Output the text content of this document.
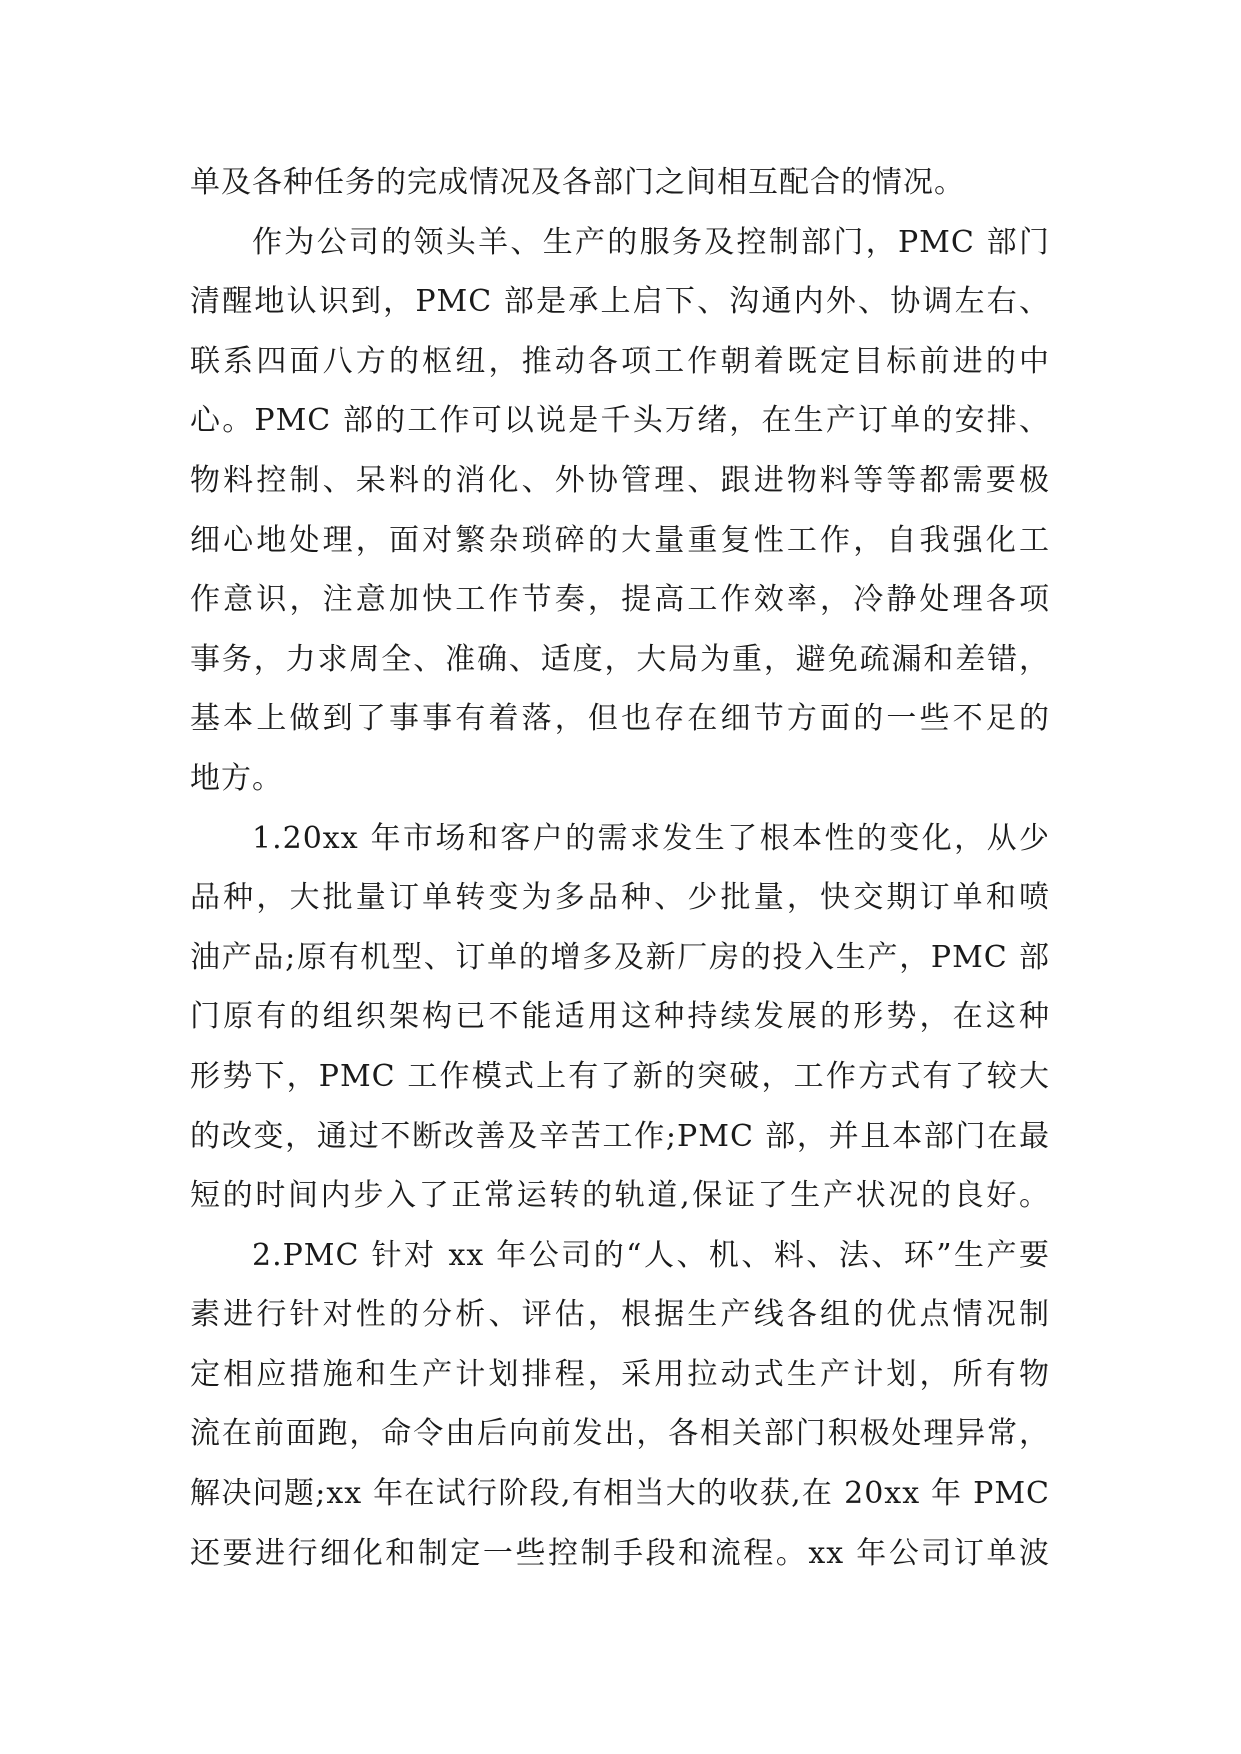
单及各种任务的完成情况及各部门之间相互配合的情况。
作为公司的领头羊、生产的服务及控制部门，PMC 部门
清醒地认识到，PMC 部是承上启下、沟通内外、协调左右、
联系四面八方的枢纽，推动各项工作朝着既定目标前进的中
心。PMC 部的工作可以说是千头万绪，在生产订单的安排、
物料控制、呆料的消化、外协管理、跟进物料等等都需要极
细心地处理，面对繁杂琐碎的大量重复性工作，自我强化工
作意识，注意加快工作节奏，提高工作效率，冷静处理各项
事务，力求周全、准确、适度，大局为重，避免疏漏和差错，
基本上做到了事事有着落，但也存在细节方面的一些不足的
地方。
1.20xx 年市场和客户的需求发生了根本性的变化，从少
品种，大批量订单转变为多品种、少批量，快交期订单和喷
油产品;原有机型、订单的增多及新厂房的投入生产，PMC 部
门原有的组织架构已不能适用这种持续发展的形势，在这种
形势下，PMC 工作模式上有了新的突破，工作方式有了较大
的改变，通过不断改善及辛苦工作;PMC 部，并且本部门在最
短的时间内步入了正常运转的轨道,保证了生产状况的良好。
2.PMC 针对 xx 年公司的“人、机、料、法、环”生产要
素进行针对性的分析、评估，根据生产线各组的优点情况制
定相应措施和生产计划排程，采用拉动式生产计划，所有物
流在前面跑，命令由后向前发出，各相关部门积极处理异常，
解决问题;xx 年在试行阶段,有相当大的收获,在 20xx 年 PMC
还要进行细化和制定一些控制手段和流程。xx 年公司订单波
